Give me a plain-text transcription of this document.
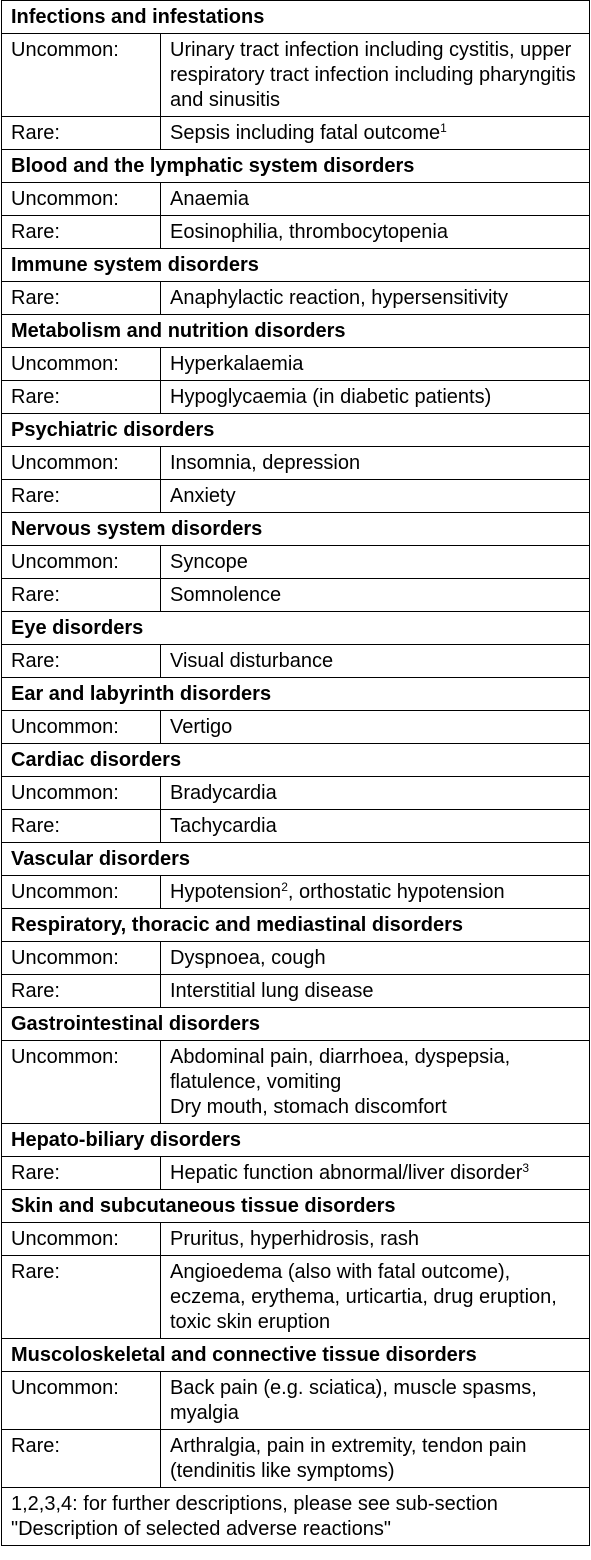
Infections and infestations	
Uncommon:	Urinary tract infection including cystitis, upper respiratory tract infection including pharyngitis and sinusitis

Rare:	Sepsis including fatal outcome$^1$

Blood and the lymphatic system disorders	
Uncommon:	Anaemia

Rare:	Eosinophilia, thrombocytopenia

Immune system disorders	
Rare:	Anaphylactic reaction, hypersensitivity

Metabolism and nutrition disorders	
Uncommon:	Hyperkalaemia

Rare:	Hypoglycaemia (in diabetic patients)

Psychiatric disorders	
Uncommon:	Insomnia, depression

Rare:	Anxiety

Nervous system disorders	
Uncommon:	Syncope

Rare:	Somnolence

Eye disorders	
Rare:	Visual disturbance

Ear and labyrinth disorders	
Uncommon:	Vertigo

Cardiac disorders	
Uncommon:	Bradycardia

Rare:	Tachycardia

Vascular disorders	
Uncommon:	Hypotension$^2$, orthostatic hypotension

Respiratory, thoracic and mediastinal disorders	
Uncommon:	Dyspnoea, cough

Rare:	Interstitial lung disease

Gastrointestinal disorders	
Uncommon:	Abdominal pain, diarrhoea, dyspepsia, flatulence, vomiting
Dry mouth, stomach discomfort

Hepato-biliary disorders	
Rare:	Hepatic function abnormal/liver disorder$^3$

Skin and subcutaneous tissue disorders	
Uncommon:	Pruritus, hyperhidrosis, rash

Rare:	Angioedema (also with fatal outcome), eczema, erythema, urticartia, drug eruption, toxic skin eruption

Muscoloskeletal and connective tissue disorders	
Uncommon:	Back pain (e.g. sciatica), muscle spasms, myalgia

Rare:	Arthralgia, pain in extremity, tendon pain (tendinitis like symptoms)

1,2,3,4: for further descriptions, please see sub-section "Description of selected adverse reactions"	
